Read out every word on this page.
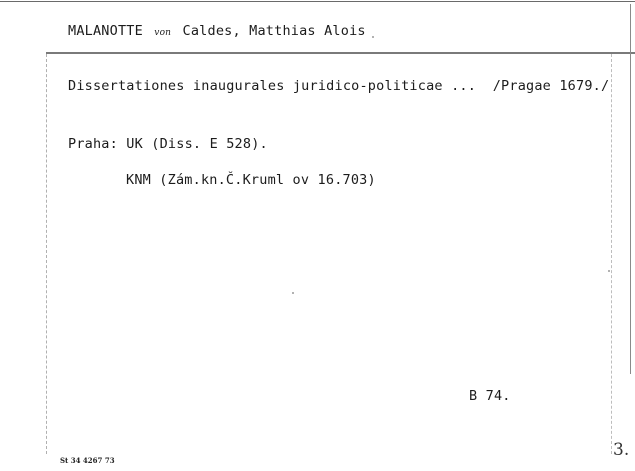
MALANOTTE von Caldes, Matthias Alois
Dissertationes inaugurales juridico-politicae ...  /Pragae 1679./
Praha: UK (Diss. E 528).
KNM (Zám.kn.Č.Kruml ov 16.703)
B 74.
St 34 4267 73
3.
